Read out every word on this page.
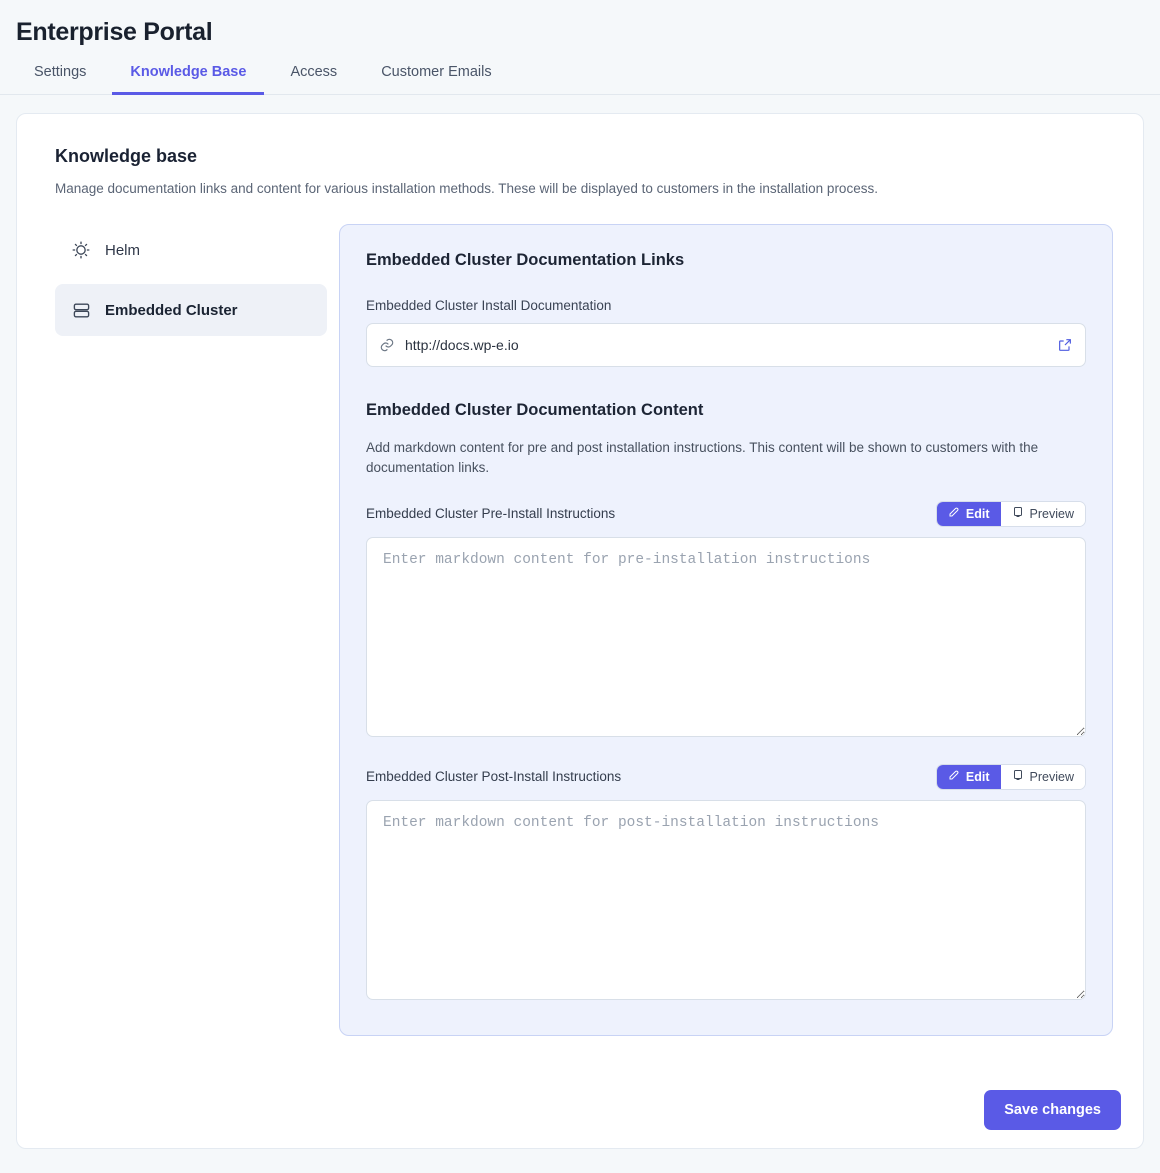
Enterprise Portal
Settings	Knowledge Base	Access	Customer Emails
Knowledge base
Manage documentation links and content for various installation methods. These will be displayed to customers in the installation process.
Helm
Embedded Cluster
Embedded Cluster Documentation Links
Embedded Cluster Install Documentation
http://docs.wp-e.io
Embedded Cluster Documentation Content

Add markdown content for pre and post installation instructions. This content will be shown to customers with the documentation links.

Embedded Cluster Pre-Install Instructions	Edit	Preview
Enter markdown content for pre-installation instructions
Embedded Cluster Post-Install Instructions	Edit	Preview
Enter markdown content for post-installation instructions
Save changes
